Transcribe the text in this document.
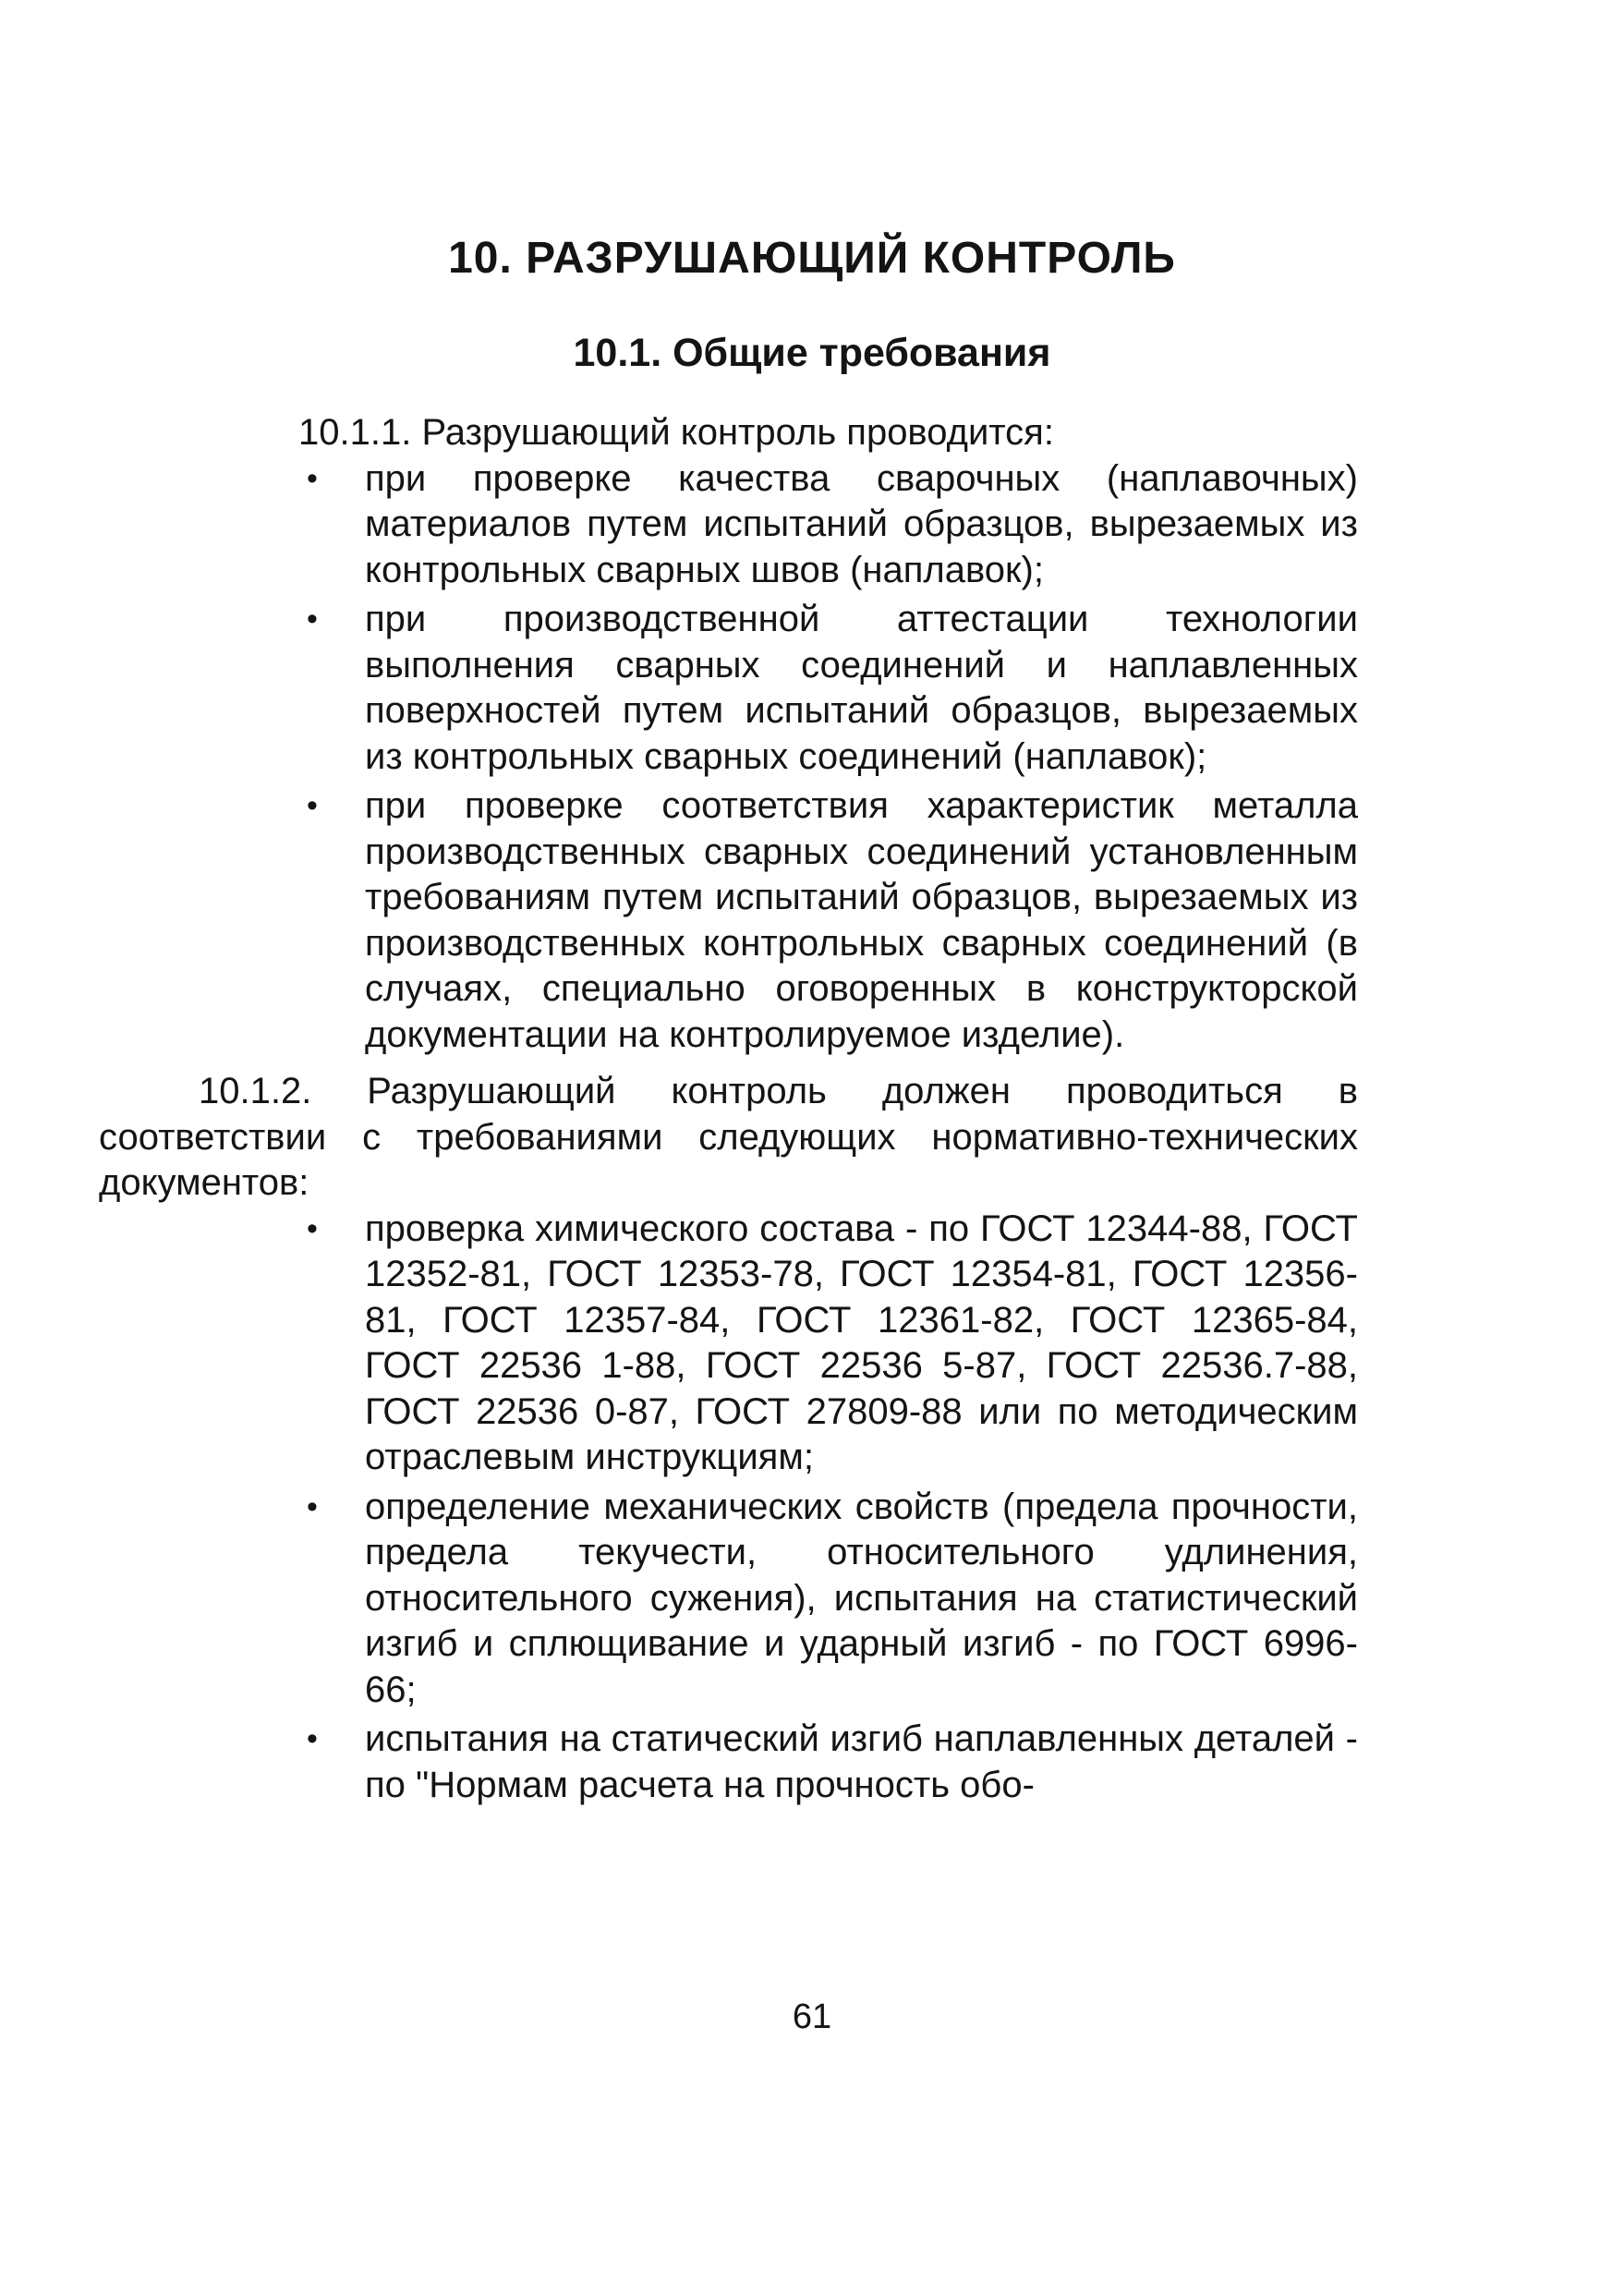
10. РАЗРУШАЮЩИЙ КОНТРОЛЬ
10.1. Общие требования

10.1.1. Разрушающий контроль проводится:

• при проверке качества сварочных (наплавочных) материалов путем испытаний образцов, вырезаемых из контрольных сварных швов (наплавок);
• при производственной аттестации технологии выполнения сварных соединений и наплавленных поверхностей путем испытаний образцов, вырезаемых из контрольных сварных соединений (наплавок);
• при проверке соответствия характеристик металла производственных сварных соединений установленным требованиям путем испытаний образцов, вырезаемых из производственных контрольных сварных соединений (в случаях, специально оговоренных в конструкторской документации на контролируемое изделие).

10.1.2. Разрушающий контроль должен проводиться в соответствии с требованиями следующих нормативно-технических документов:

• проверка химического состава - по ГОСТ 12344-88, ГОСТ 12352-81, ГОСТ 12353-78, ГОСТ 12354-81, ГОСТ 12356-81, ГОСТ 12357-84, ГОСТ 12361-82, ГОСТ 12365-84, ГОСТ 22536 1-88, ГОСТ 22536 5-87, ГОСТ 22536.7-88, ГОСТ 22536 0-87, ГОСТ 27809-88 или по методическим отраслевым инструкциям;
• определение механических свойств (предела прочности, предела текучести, относительного удлинения, относительного сужения), испытания на статистический изгиб и сплющивание и ударный изгиб - по ГОСТ 6996-66;
• испытания на статический изгиб наплавленных деталей - по "Нормам расчета на прочность обо-
61
